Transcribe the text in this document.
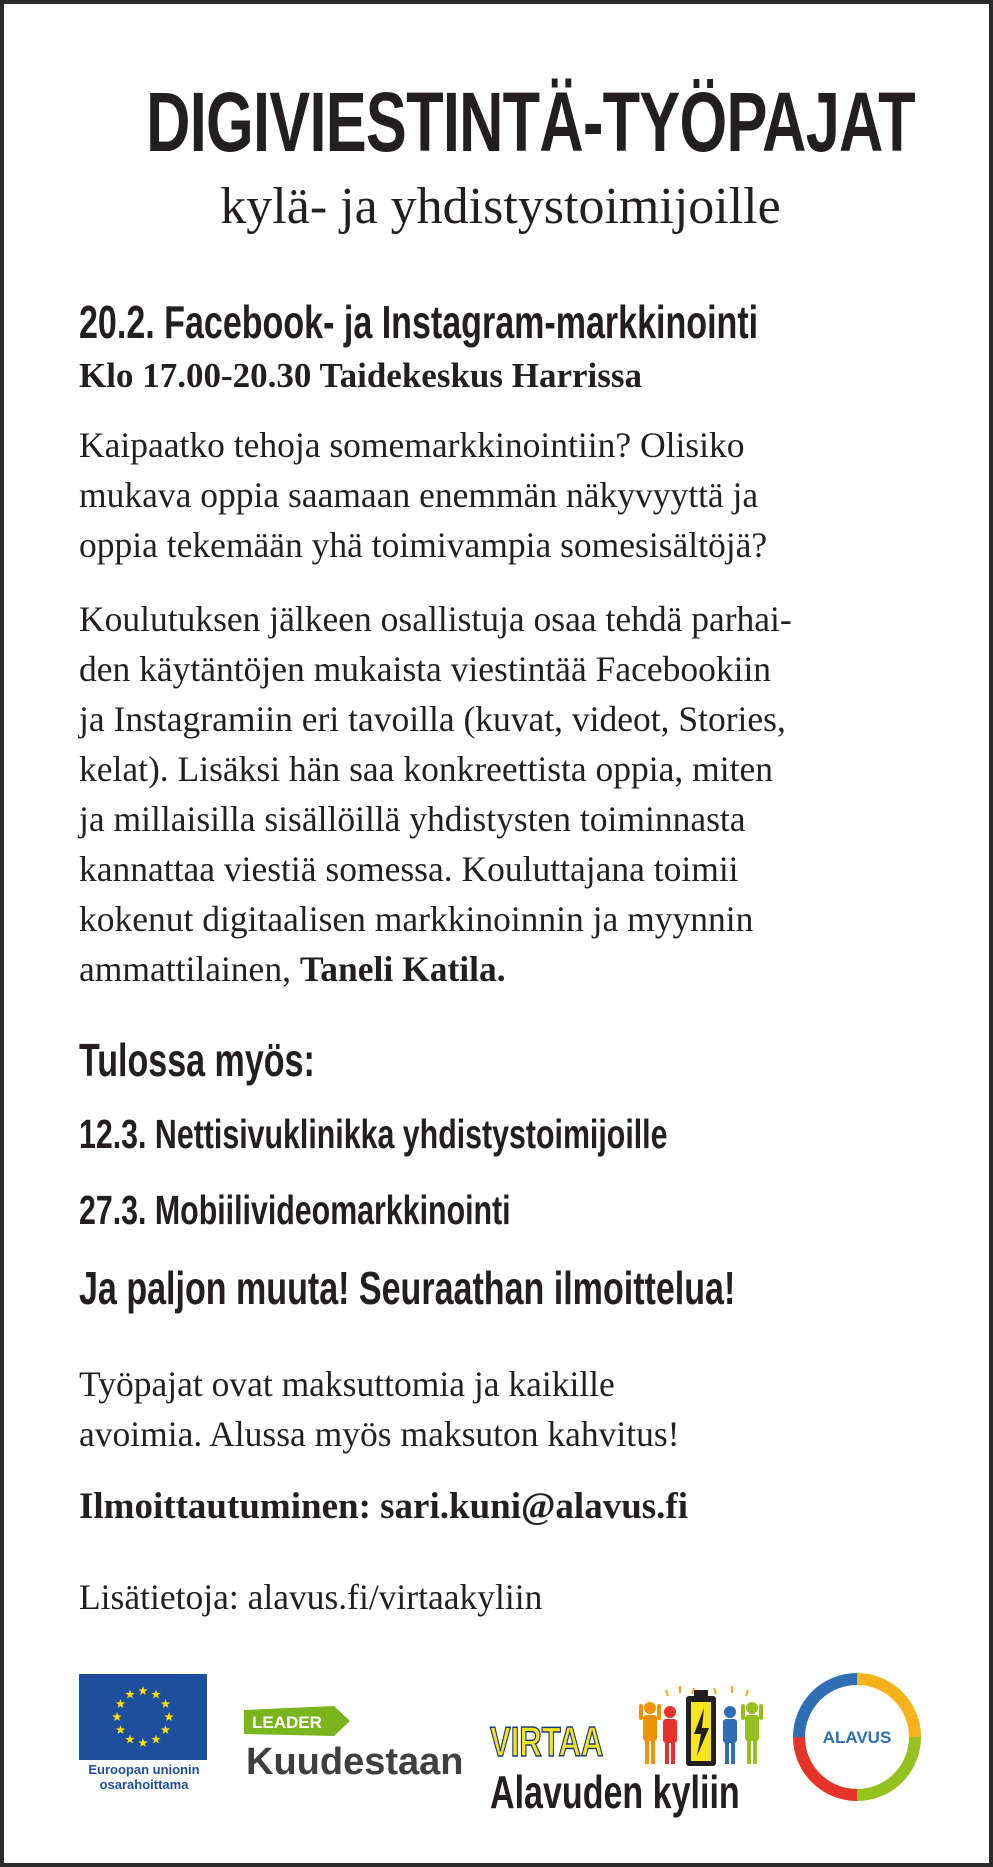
DIGIVIESTINTÄ-TYÖPAJAT
kylä- ja yhdistystoimijoille
20.2. Facebook- ja Instagram-markkinointi
Klo 17.00-20.30 Taidekeskus Harrissa
Kaipaatko tehoja somemarkkinointiin? Olisiko
mukava oppia saamaan enemmän näkyvyyttä ja
oppia tekemään yhä toimivampia somesisältöjä?
Koulutuksen jälkeen osallistuja osaa tehdä parhai-
den käytäntöjen mukaista viestintää Facebookiin
ja Instagramiin eri tavoilla (kuvat, videot, Stories,
kelat). Lisäksi hän saa konkreettista oppia, miten
ja millaisilla sisällöillä yhdistysten toiminnasta
kannattaa viestiä somessa. Kouluttajana toimii
kokenut digitaalisen markkinoinnin ja myynnin
ammattilainen, Taneli Katila.
Tulossa myös:
12.3. Nettisivuklinikka yhdistystoimijoille
27.3. Mobiilivideomarkkinointi
Ja paljon muuta! Seuraathan ilmoittelua!
Työpajat ovat maksuttomia ja kaikille
avoimia. Alussa myös maksuton kahvitus!
Ilmoittautuminen: sari.kuni@alavus.fi
Lisätietoja: alavus.fi/virtaakyliin
Euroopan unionin
osarahoittama
LEADER
Kuudestaan VIRTAA
Alavuden kyliin
ALAVUS
